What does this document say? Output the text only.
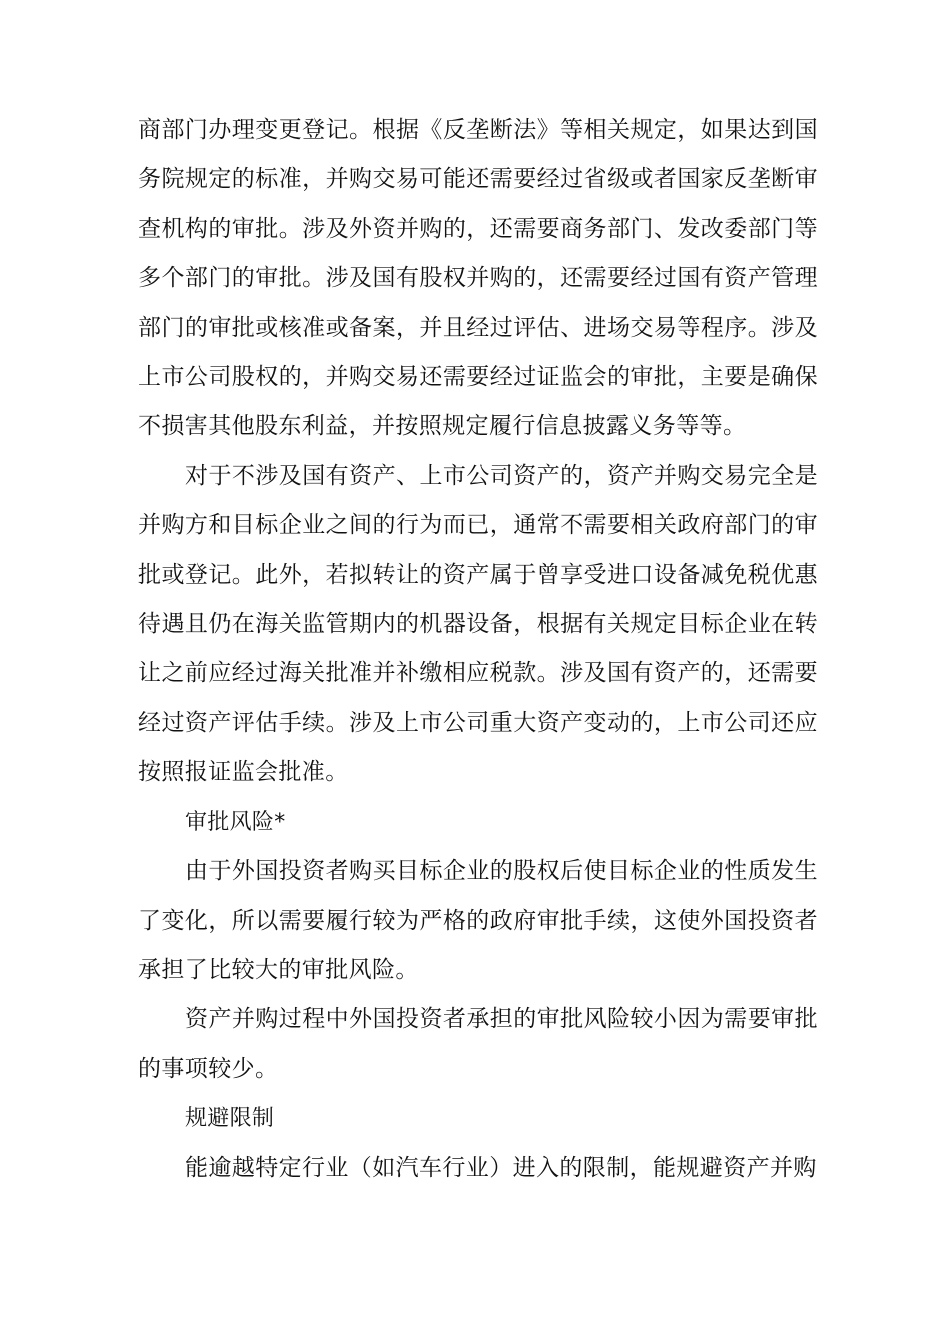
商部门办理变更登记。根据《反垄断法》等相关规定，如果达到国务院规定的标准，并购交易可能还需要经过省级或者国家反垄断审查机构的审批。涉及外资并购的，还需要商务部门、发改委部门等多个部门的审批。涉及国有股权并购的，还需要经过国有资产管理部门的审批或核准或备案，并且经过评估、进场交易等程序。涉及上市公司股权的，并购交易还需要经过证监会的审批，主要是确保不损害其他股东利益，并按照规定履行信息披露义务等等。

对于不涉及国有资产、上市公司资产的，资产并购交易完全是并购方和目标企业之间的行为而已，通常不需要相关政府部门的审批或登记。此外，若拟转让的资产属于曾享受进口设备减免税优惠待遇且仍在海关监管期内的机器设备，根据有关规定目标企业在转让之前应经过海关批准并补缴相应税款。涉及国有资产的，还需要经过资产评估手续。涉及上市公司重大资产变动的，上市公司还应按照报证监会批准。

审批风险*

由于外国投资者购买目标企业的股权后使目标企业的性质发生了变化，所以需要履行较为严格的政府审批手续，这使外国投资者承担了比较大的审批风险。

资产并购过程中外国投资者承担的审批风险较小因为需要审批的事项较少。

规避限制

能逾越特定行业（如汽车行业）进入的限制，能规避资产并购
